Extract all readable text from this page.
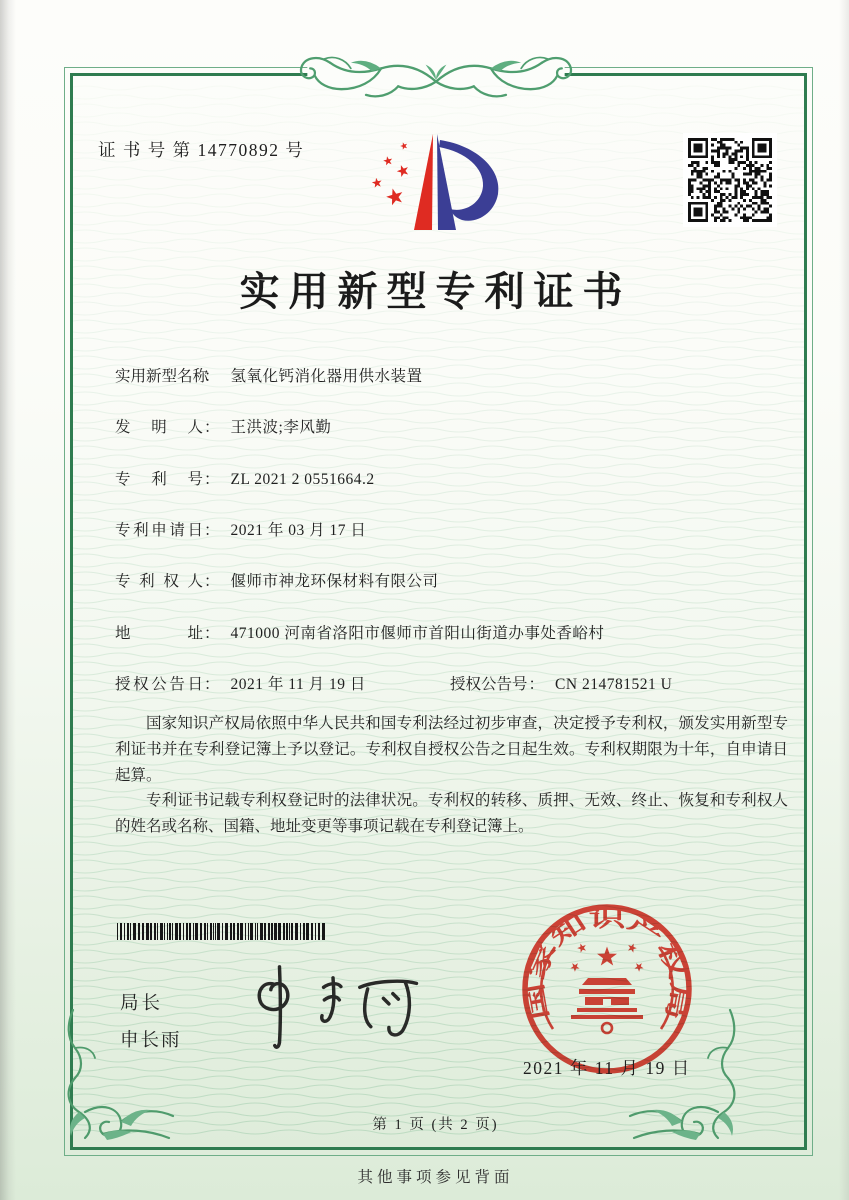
证 书 号 第 14770892 号
实用新型专利证书
实用新型名称： 氢氧化钙消化器用供水装置
发明人： 王洪波;李风勤
专利号： ZL 2021 2 0551664.2
专利申请日： 2021 年 03 月 17 日
专利权人： 偃师市神龙环保材料有限公司
地址： 471000 河南省洛阳市偃师市首阳山街道办事处香峪村
授权公告日： 2021 年 11 月 19 日	授权公告号： CN 214781521 U

国家知识产权局依照中华人民共和国专利法经过初步审查，决定授予专利权，颁发实用新型专利证书并在专利登记簿上予以登记。专利权自授权公告之日起生效。专利权期限为十年，自申请日起算。

专利证书记载专利权登记时的法律状况。专利权的转移、质押、无效、终止、恢复和专利权人的姓名或名称、国籍、地址变更等事项记载在专利登记簿上。

局长
申长雨
国家知识产权局
2021 年 11 月 19 日
第 1 页 (共 2 页)
其他事项参见背面
